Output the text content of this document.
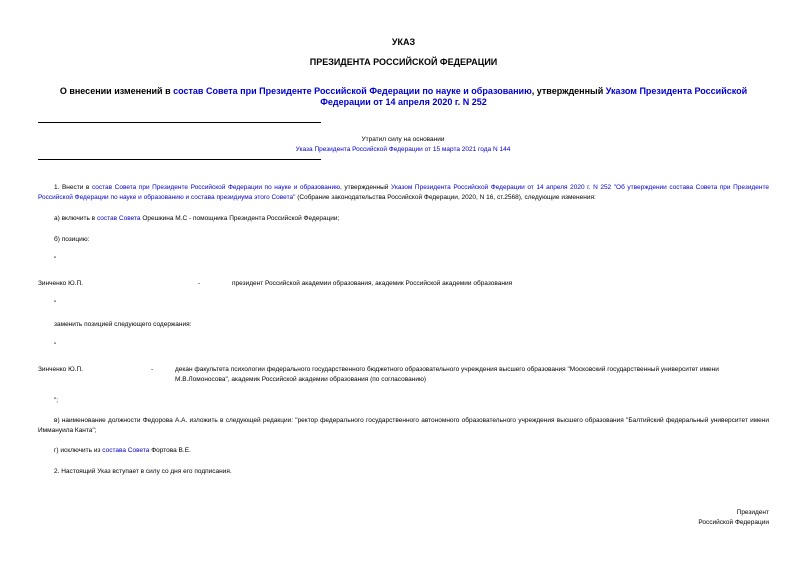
УКАЗ
ПРЕЗИДЕНТА РОССИЙСКОЙ ФЕДЕРАЦИИ
О внесении изменений в состав Совета при Президенте Российской Федерации по науке и образованию, утвержденный Указом Президента Российской Федерации от 14 апреля 2020 г. N 252
Утратил силу на основании
Указа Президента Российской Федерации от 15 марта 2021 года N 144
1. Внести в состав Совета при Президенте Российской Федерации по науке и образованию, утвержденный Указом Президента Российской Федерации от 14 апреля 2020 г. N 252 "Об утверждении состава Совета при Президенте Российской Федерации по науке и образованию и состава президиума этого Совета" (Собрание законодательства Российской Федерации, 2020, N 16, ст.2568), следующие изменения:
а) включить в состав Совета Орешкина М.С - помощника Президента Российской Федерации;
б) позицию:
"
Зинченко Ю.П.	-	президент Российской академии образования, академик Российской академии образования
"
заменить позицией следующего содержания:
"
Зинченко Ю.П.	-	декан факультета психологии федерального государственного бюджетного образовательного учреждения высшего образования "Московский государственный университет имени М.В.Ломоносова", академик Российской академии образования (по согласованию)
";
в) наименование должности Федорова А.А. изложить в следующей редакции: "ректор федерального государственного автономного образовательного учреждения высшего образования "Балтийский федеральный университет имени Иммануила Канта";
г) исключить из состава Совета Фортова В.Е.
2. Настоящий Указ вступает в силу со дня его подписания.
Президент
Российской Федерации
